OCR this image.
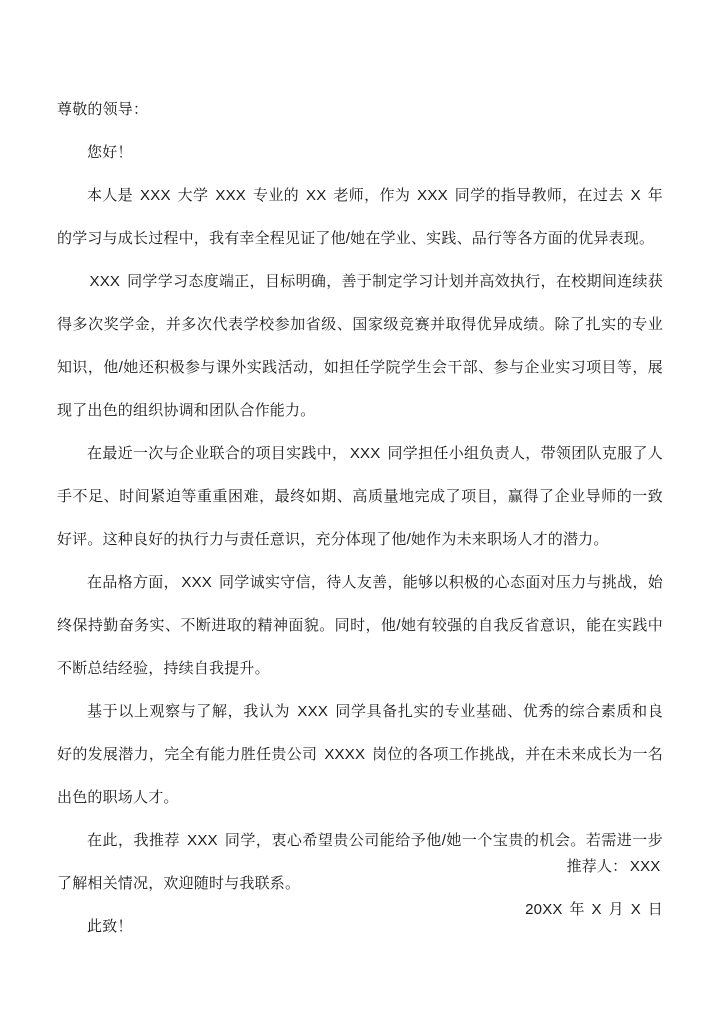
尊敬的领导：

您好！

本人是 XXX 大学 XXX 专业的 XX 老师，作为 XXX 同学的指导教师，在过去 X 年的学习与成长过程中，我有幸全程见证了他/她在学业、实践、品行等各方面的优异表现。

XXX 同学学习态度端正，目标明确，善于制定学习计划并高效执行，在校期间连续获得多次奖学金，并多次代表学校参加省级、国家级竞赛并取得优异成绩。除了扎实的专业知识，他/她还积极参与课外实践活动，如担任学院学生会干部、参与企业实习项目等，展现了出色的组织协调和团队合作能力。

在最近一次与企业联合的项目实践中， XXX 同学担任小组负责人，带领团队克服了人手不足、时间紧迫等重重困难，最终如期、高质量地完成了项目，赢得了企业导师的一致好评。这种良好的执行力与责任意识，充分体现了他/她作为未来职场人才的潜力。

在品格方面， XXX 同学诚实守信，待人友善，能够以积极的心态面对压力与挑战，始终保持勤奋务实、不断进取的精神面貌。同时，他/她有较强的自我反省意识，能在实践中不断总结经验，持续自我提升。

基于以上观察与了解，我认为 XXX 同学具备扎实的专业基础、优秀的综合素质和良好的发展潜力，完全有能力胜任贵公司 XXXX 岗位的各项工作挑战，并在未来成长为一名出色的职场人才。

在此，我推荐 XXX 同学，衷心希望贵公司能给予他/她一个宝贵的机会。若需进一步了解相关情况，欢迎随时与我联系。

此致！

推荐人： XXX
20XX 年 X 月 X 日
